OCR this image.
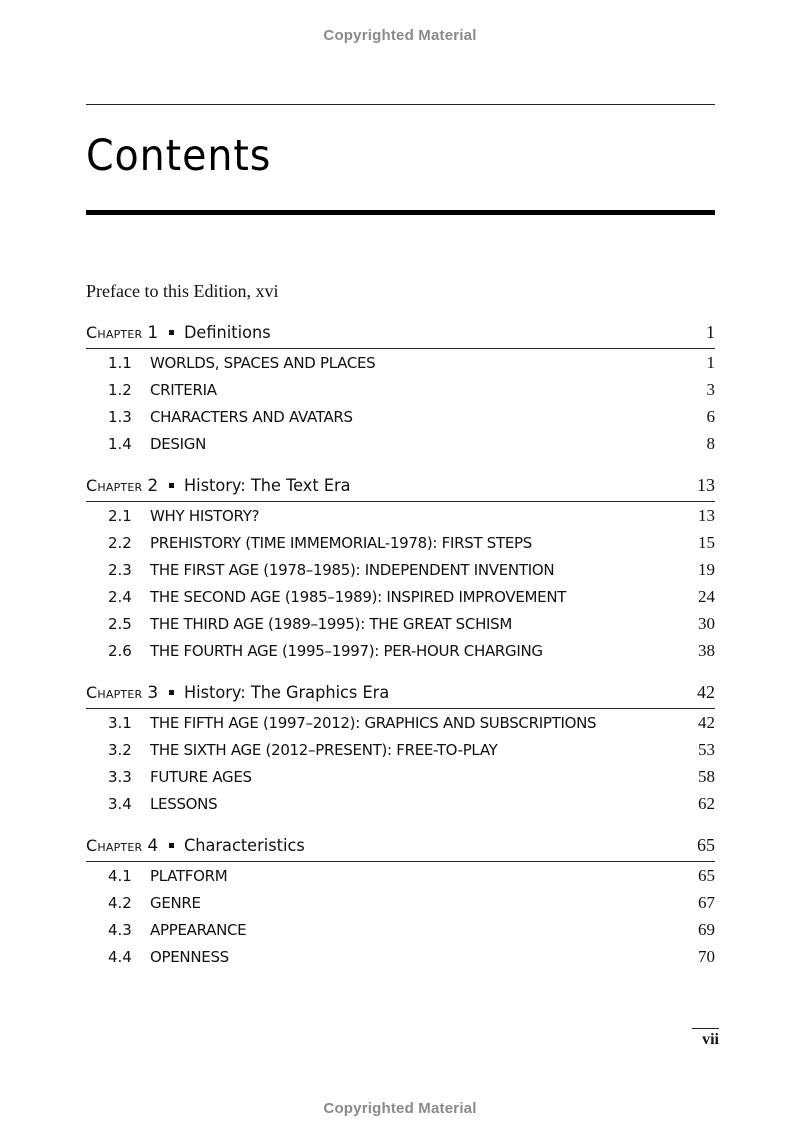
Copyrighted Material
Contents
Preface to this Edition, xvi
Chapter 1 Definitions	1
1.1	WORLDS, SPACES AND PLACES	1
1.2	CRITERIA	3
1.3	CHARACTERS AND AVATARS	6
1.4	DESIGN	8
Chapter 2 History: The Text Era	13
2.1	WHY HISTORY?	13
2.2	PREHISTORY (TIME IMMEMORIAL-1978): FIRST STEPS	15
2.3	THE FIRST AGE (1978–1985): INDEPENDENT INVENTION	19
2.4	THE SECOND AGE (1985–1989): INSPIRED IMPROVEMENT	24
2.5	THE THIRD AGE (1989–1995): THE GREAT SCHISM	30
2.6	THE FOURTH AGE (1995–1997): PER-HOUR CHARGING	38
Chapter 3 History: The Graphics Era	42
3.1	THE FIFTH AGE (1997–2012): GRAPHICS AND SUBSCRIPTIONS	42
3.2	THE SIXTH AGE (2012–PRESENT): FREE-TO-PLAY	53
3.3	FUTURE AGES	58
3.4	LESSONS	62
Chapter 4 Characteristics	65
4.1	PLATFORM	65
4.2	GENRE	67
4.3	APPEARANCE	69
4.4	OPENNESS	70
vii
Copyrighted Material
